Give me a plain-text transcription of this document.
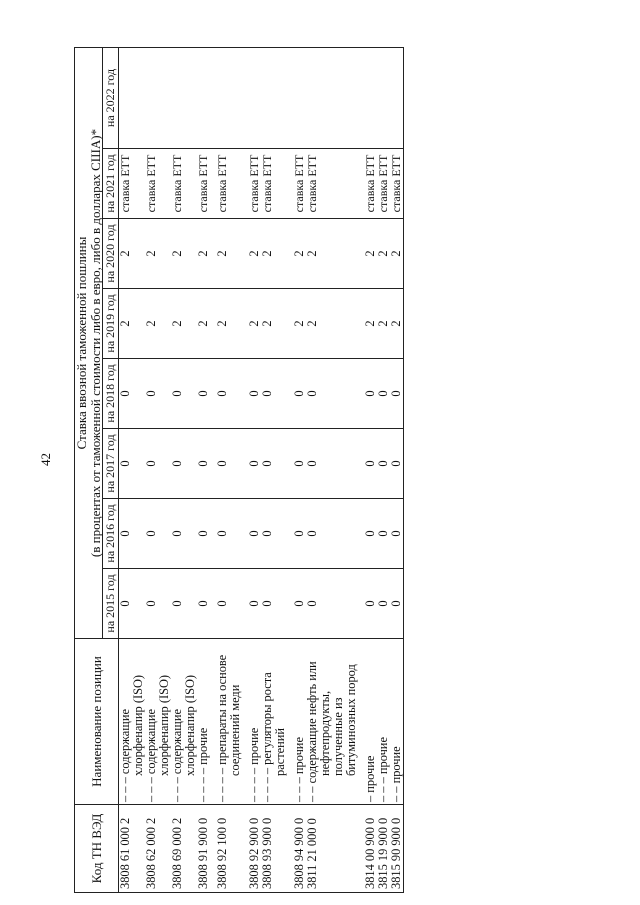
42
Код ТН ВЭД	Наименование позиции	Ставка ввозной таможенной пошлины
(в процентах от таможенной стоимости либо в евро, либо в долларах США)*							

		на 2015 год	на 2016 год	на 2017 год	на 2018 год	на 2019 год	на 2020 год	на 2021 год	на 2022 год
3808 61 000 2	– – – содержащие хлорфенапир (ISO)	0	0	0	0	2	2	ставка ЕТТ	
3808 62 000 2	– – – содержащие хлорфенапир (ISO)	0	0	0	0	2	2	ставка ЕТТ	
3808 69 000 2	– – – содержащие хлорфенапир (ISO)	0	0	0	0	2	2	ставка ЕТТ	
3808 91 900 0	– – – – прочие	0	0	0	0	2	2	ставка ЕТТ	

3808 92 100 0	– – – – препараты на основе соединений меди	0	0	0	0	2	2	ставка ЕТТ	

3808 92 900 0	– – – – прочие	0	0	0	0	2	2	ставка ЕТТ	
3808 93 900 0	– – – – регуляторы роста растений	0	0	0	0	2	2	ставка ЕТТ	

3808 94 900 0	– – – прочие	0	0	0	0	2	2	ставка ЕТТ	
3811 21 000 0	– – содержащие нефть или нефтепродукты, полученные из битуминозных пород	0	0	0	0	2	2	ставка ЕТТ	

3814 00 900 0	– прочие	0	0	0	0	2	2	ставка ЕТТ	
3815 19 900 0	– – – прочие	0	0	0	0	2	2	ставка ЕТТ	
3815 90 900 0	– – прочие	0	0	0	0	2	2	ставка ЕТТ	
